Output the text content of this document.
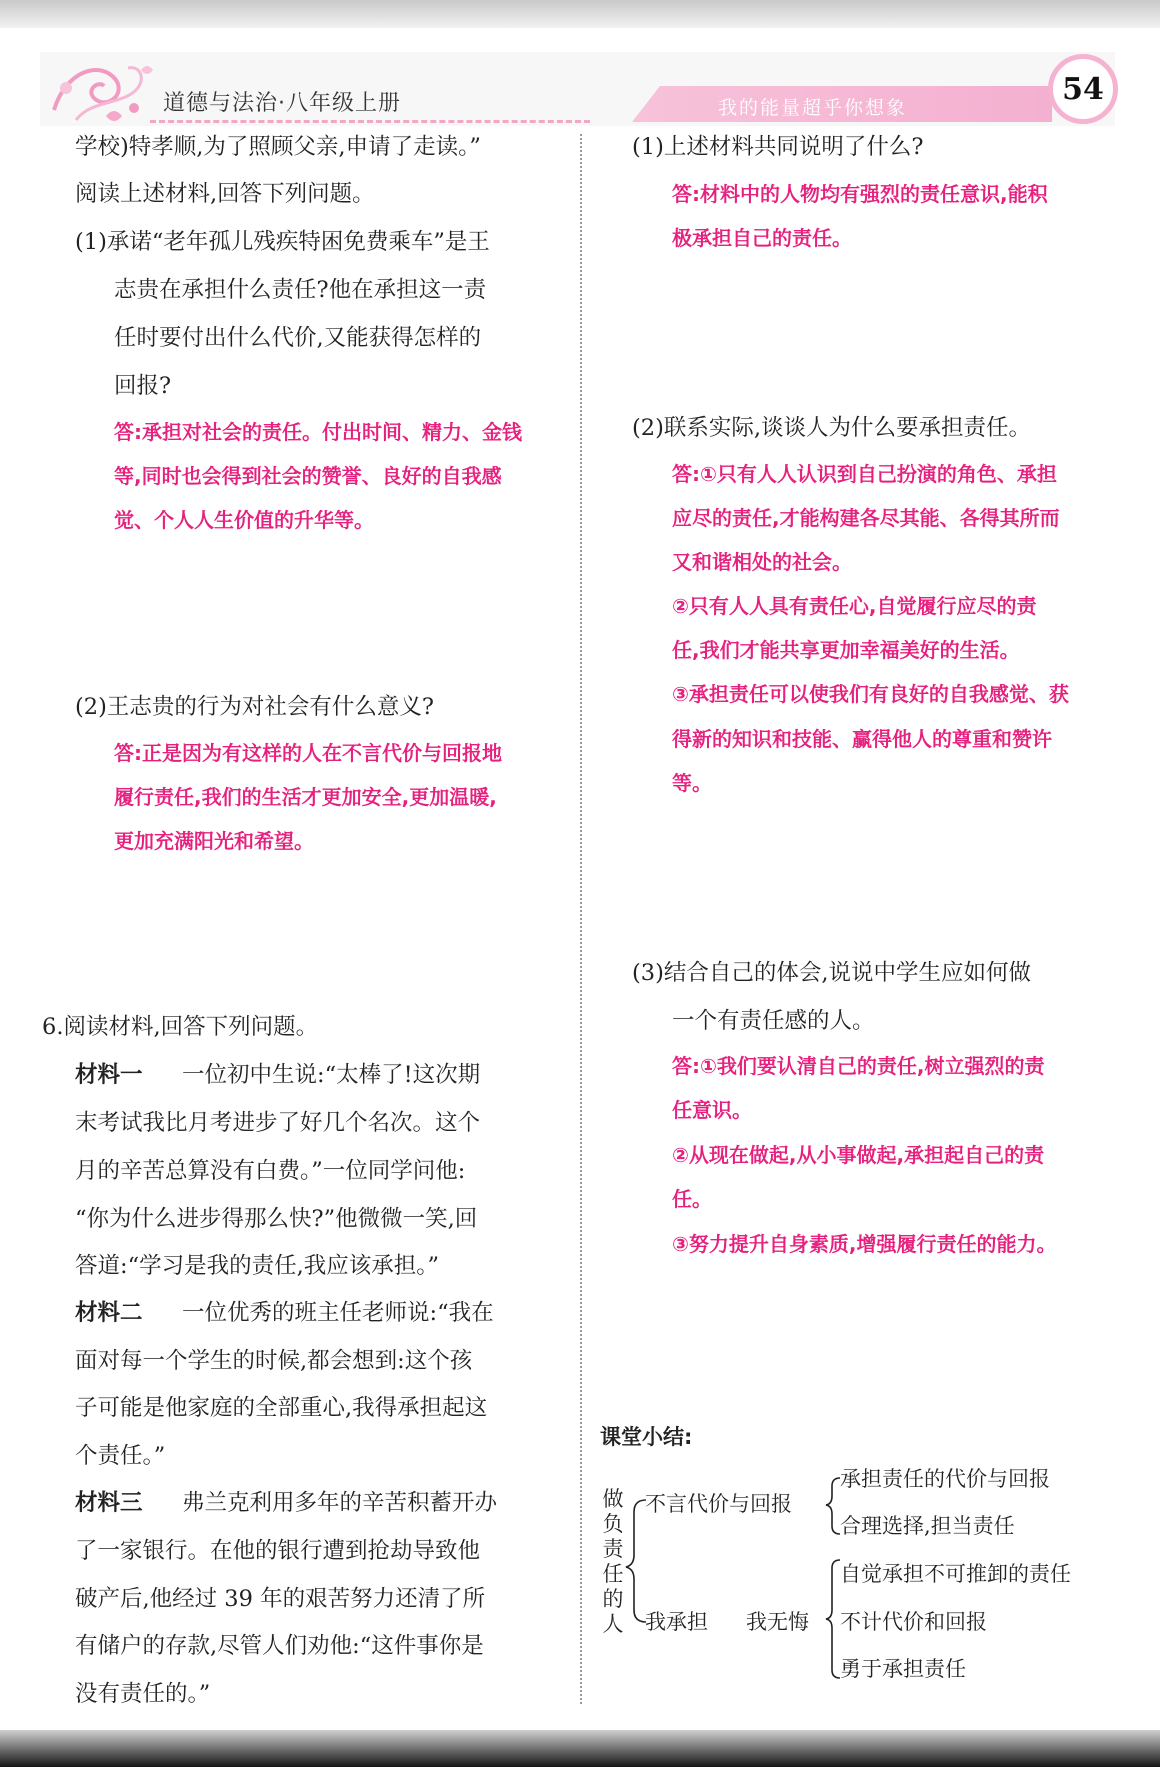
道德与法治·八年级上册	我的能量超乎你想象
54
学校)特孝顺,为了照顾父亲,申请了走读。”
阅读上述材料,回答下列问题。
(1)承诺“老年孤儿残疾特困免费乘车”是王
志贵在承担什么责任?他在承担这一责
任时要付出什么代价,又能获得怎样的
回报?
答:承担对社会的责任。付出时间、精力、金钱
等,同时也会得到社会的赞誉、良好的自我感
觉、个人人生价值的升华等。
(2)王志贵的行为对社会有什么意义?
答:正是因为有这样的人在不言代价与回报地
履行责任,我们的生活才更加安全,更加温暖,
更加充满阳光和希望。
6.阅读材料,回答下列问题。
材料一 一位初中生说:“太棒了!这次期
末考试我比月考进步了好几个名次。这个
月的辛苦总算没有白费。”一位同学问他:
“你为什么进步得那么快?”他微微一笑,回
答道:“学习是我的责任,我应该承担。”
材料二 一位优秀的班主任老师说:“我在
面对每一个学生的时候,都会想到:这个孩
子可能是他家庭的全部重心,我得承担起这
个责任。”
材料三 弗兰克利用多年的辛苦积蓄开办
了一家银行。在他的银行遭到抢劫导致他
破产后,他经过 39 年的艰苦努力还清了所
有储户的存款,尽管人们劝他:“这件事你是
没有责任的。”
(1)上述材料共同说明了什么?
答:材料中的人物均有强烈的责任意识,能积
极承担自己的责任。
(2)联系实际,谈谈人为什么要承担责任。
答:①只有人人认识到自己扮演的角色、承担
应尽的责任,才能构建各尽其能、各得其所而
又和谐相处的社会。
②只有人人具有责任心,自觉履行应尽的责
任,我们才能共享更加幸福美好的生活。
③承担责任可以使我们有良好的自我感觉、获
得新的知识和技能、赢得他人的尊重和赞许
等。
(3)结合自己的体会,说说中学生应如何做
一个有责任感的人。
答:①我们要认清自己的责任,树立强烈的责
任意识。
②从现在做起,从小事做起,承担起自己的责
任。
③努力提升自身素质,增强履行责任的能力。
课堂小结:
做
负
责
任
的
人
不言代价与回报
承担责任的代价与回报
合理选择,担当责任
我承担 我无悔
自觉承担不可推卸的责任
不计代价和回报
勇于承担责任
